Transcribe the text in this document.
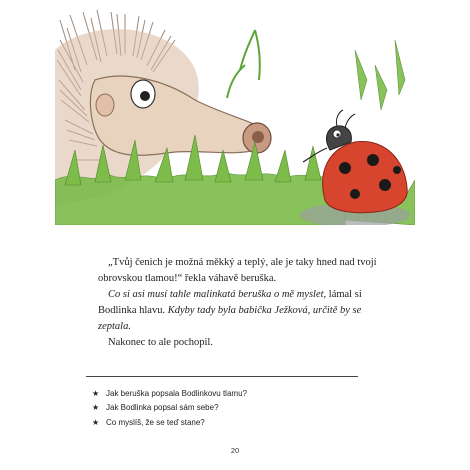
„Tvůj čenich je možná měkký a teplý, ale je taky hned nad tvojí obrovskou tlamou!“ řekla váhavě beruška.

Co si asi musí tahle malinkatá beruška o mě myslet, lámal si Bodlinka hlavu. Kdyby tady byla babička Ježková, určitě by se zeptala.

Nakonec to ale pochopil.

★ Jak beruška popsala Bodlinkovu tlamu?
★ Jak Bodlinka popsal sám sebe?
★ Co myslíš, že se teď stane?
20
